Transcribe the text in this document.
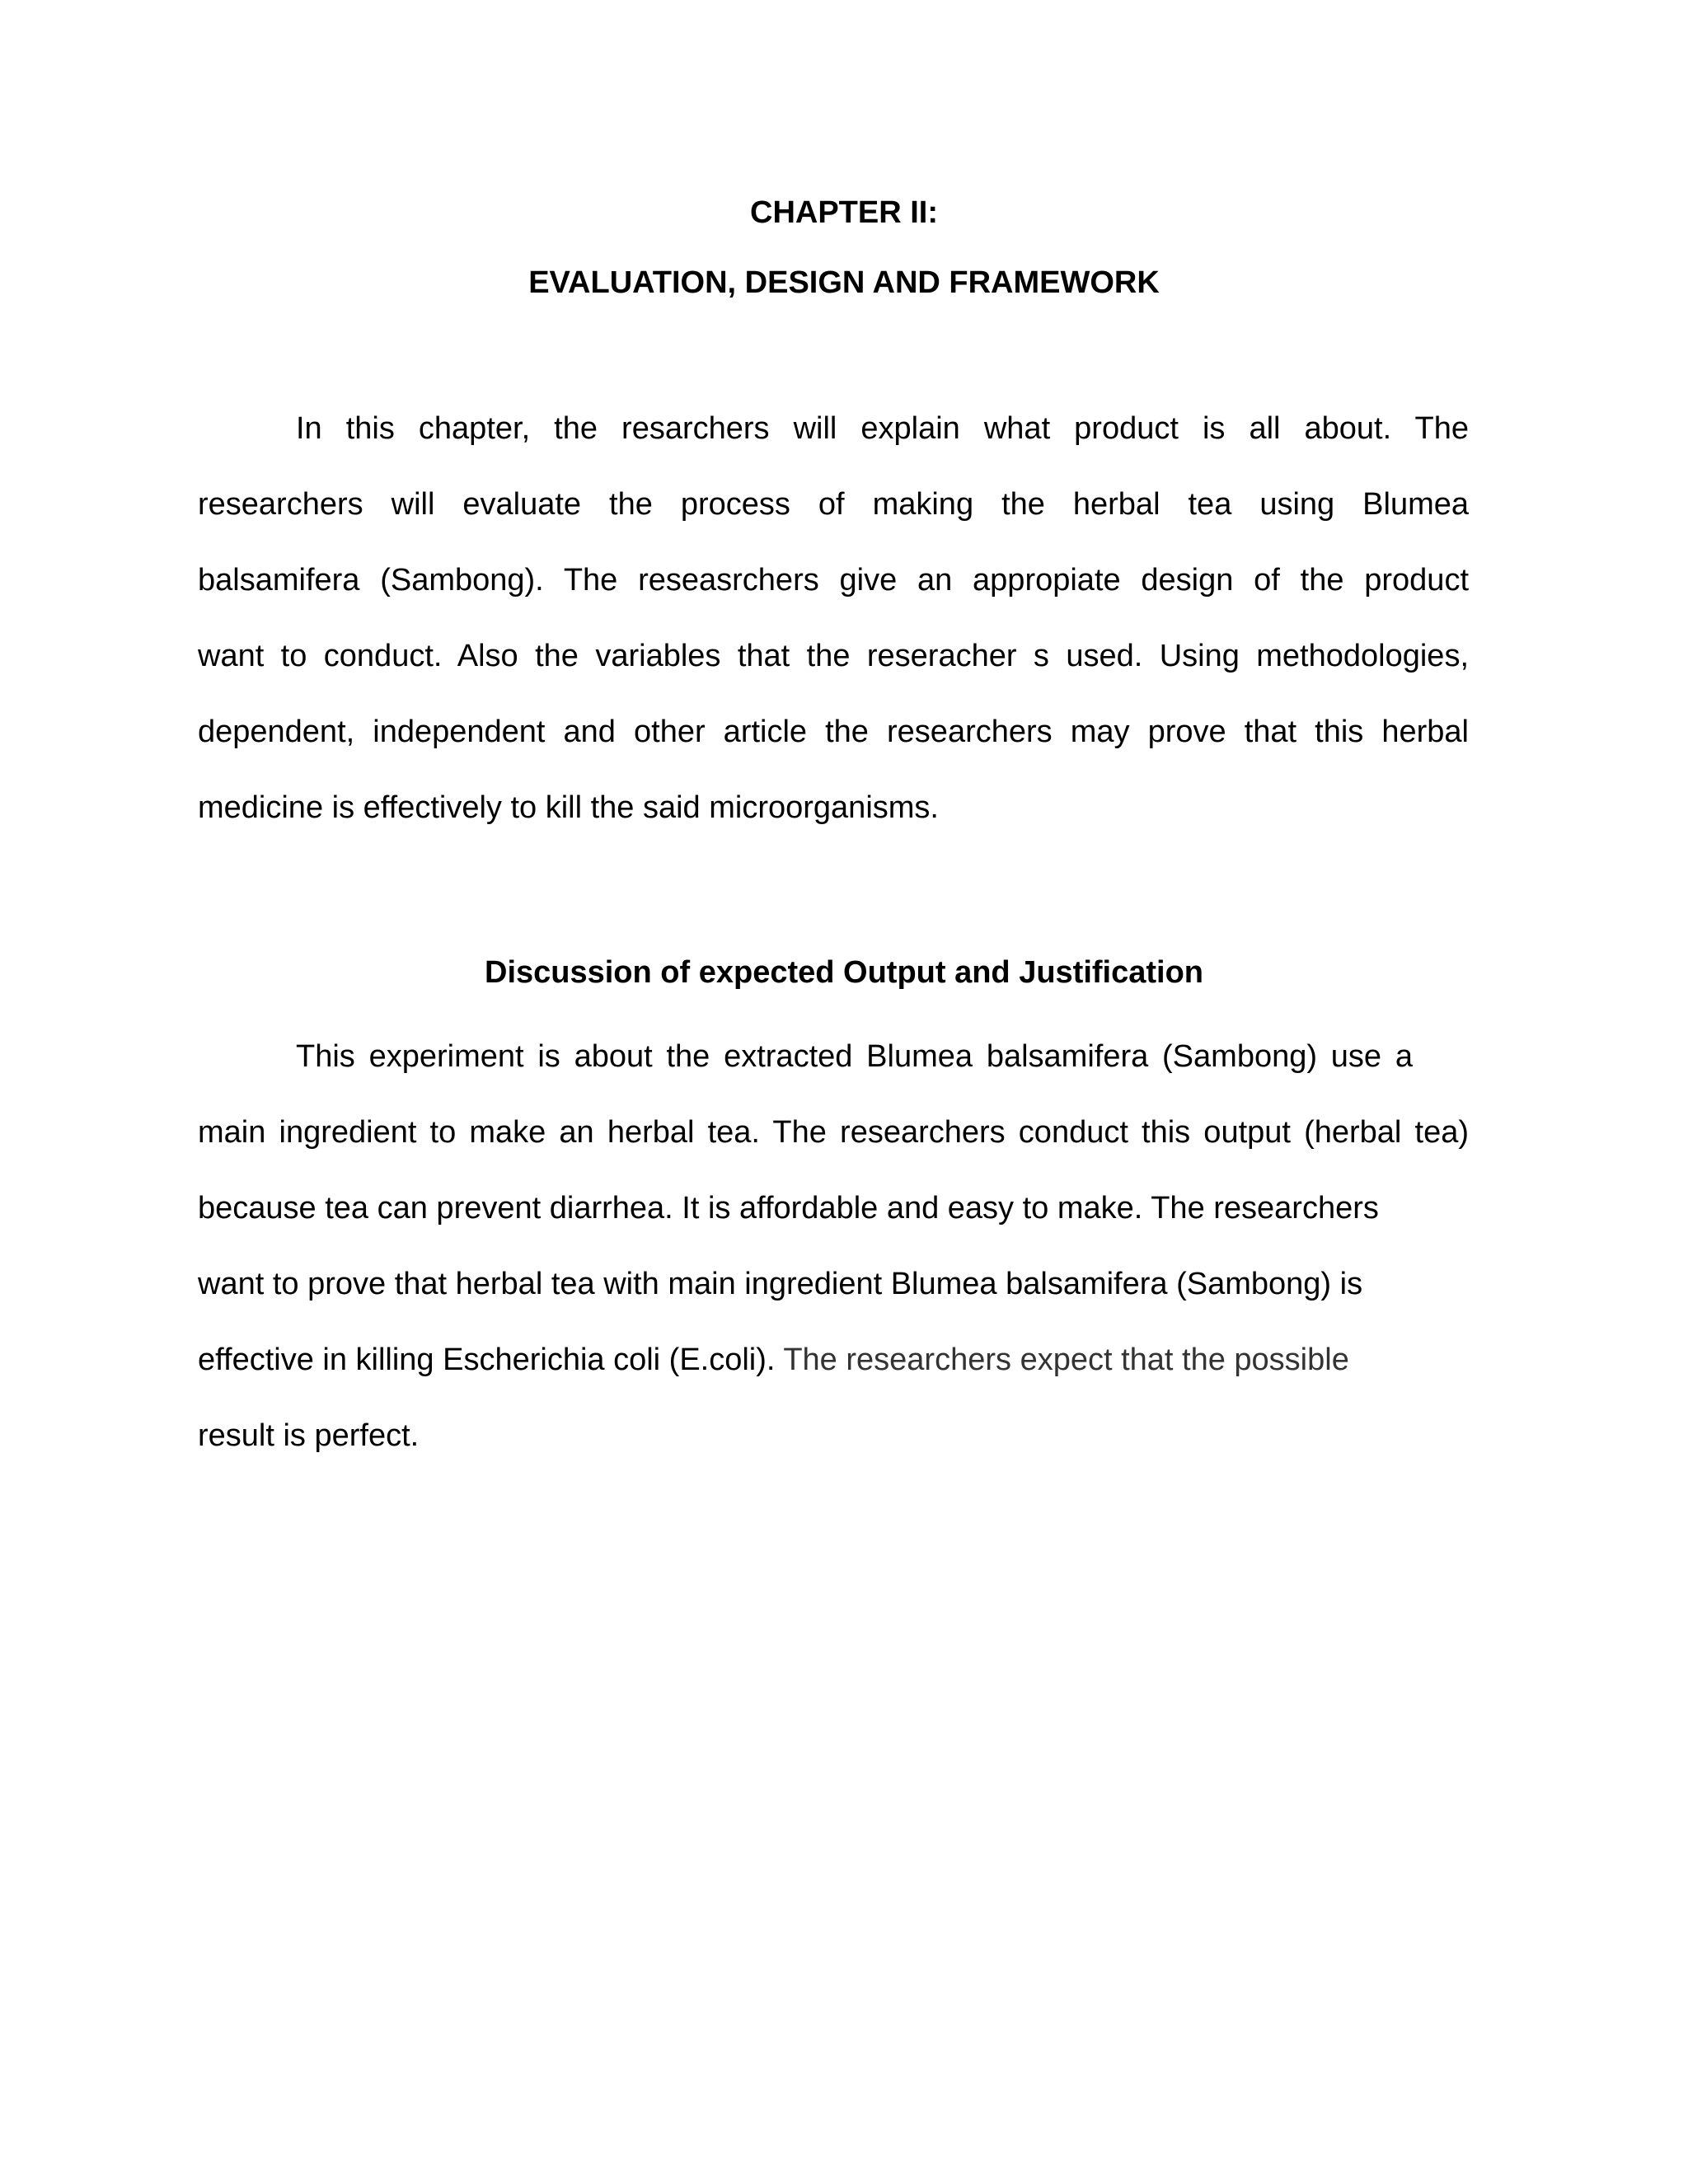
CHAPTER II:
EVALUATION, DESIGN AND FRAMEWORK
In this chapter, the resarchers will explain what product is all about. The
researchers will evaluate the process of making the herbal tea using Blumea
balsamifera (Sambong). The reseasrchers give an appropiate design of the product
want to conduct. Also the variables that the reseracher s used. Using methodologies,
dependent, independent and other article the researchers may prove that this herbal
medicine is effectively to kill the said microorganisms.
Discussion of expected Output and Justification
This experiment is about the extracted Blumea balsamifera (Sambong) use a
main ingredient to make an herbal tea. The researchers conduct this output (herbal tea)
because tea can prevent diarrhea. It is affordable and easy to make. The researchers
want to prove that herbal tea with main ingredient Blumea balsamifera (Sambong) is
effective in killing Escherichia coli (E.coli). The researchers expect that the possible
result is perfect.
